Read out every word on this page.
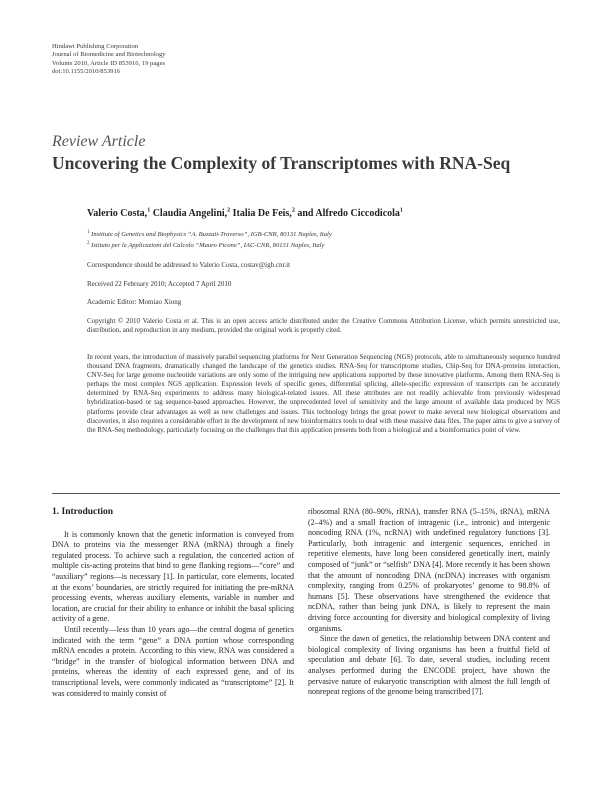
Hindawi Publishing Corporation
Journal of Biomedicine and Biotechnology
Volume 2010, Article ID 853916, 19 pages
doi:10.1155/2010/853916
Review Article
Uncovering the Complexity of Transcriptomes with RNA-Seq
Valerio Costa,$^1$ Claudia Angelini,$^2$ Italia De Feis,$^2$ and Alfredo Ciccodicola$^1$
$^1$ Institute of Genetics and Biophysics “A. Buzzati-Traverso”, IGB-CNR, 80131 Naples, Italy
$^2$ Istituto per le Applicazioni del Calcolo “Mauro Picone”, IAC-CNR, 80131 Naples, Italy
Correspondence should be addressed to Valerio Costa, costav@igb.cnr.it
Received 22 February 2010; Accepted 7 April 2010
Academic Editor: Momiao Xiong
Copyright © 2010 Valerio Costa et al. This is an open access article distributed under the Creative Commons Attribution License, which permits unrestricted use, distribution, and reproduction in any medium, provided the original work is properly cited.
In recent years, the introduction of massively parallel sequencing platforms for Next Generation Sequencing (NGS) protocols, able to simultaneously sequence hundred thousand DNA fragments, dramatically changed the landscape of the genetics studies. RNA-Seq for transcriptome studies, Chip-Seq for DNA-proteins interaction, CNV-Seq for large genome nucleotide variations are only some of the intriguing new applications supported by these innovative platforms. Among them RNA-Seq is perhaps the most complex NGS application. Expression levels of specific genes, differential splicing, allele-specific expression of transcripts can be accurately determined by RNA-Seq experiments to address many biological-related issues. All these attributes are not readily achievable from previously widespread hybridization-based or tag sequence-based approaches. However, the unprecedented level of sensitivity and the large amount of available data produced by NGS platforms provide clear advantages as well as new challenges and issues. This technology brings the great power to make several new biological observations and discoveries, it also requires a considerable effort in the development of new bioinformatics tools to deal with these massive data files. The paper aims to give a survey of the RNA-Seq methodology, particularly focusing on the challenges that this application presents both from a biological and a bioinformatics point of view.
1. Introduction

It is commonly known that the genetic information is conveyed from DNA to proteins via the messenger RNA (mRNA) through a finely regulated process. To achieve such a regulation, the concerted action of multiple cis-acting proteins that bind to gene flanking regions—“core” and “auxiliary” regions—is necessary [1]. In particular, core elements, located at the exons’ boundaries, are strictly required for initiating the pre-mRNA processing events, whereas auxiliary elements, variable in number and location, are crucial for their ability to enhance or inhibit the basal splicing activity of a gene.

Until recently—less than 10 years ago—the central dogma of genetics indicated with the term “gene” a DNA portion whose corresponding mRNA encodes a protein. According to this view, RNA was considered a “bridge” in the transfer of biological information between DNA and proteins, whereas the identity of each expressed gene, and of its transcriptional levels, were commonly indicated as “transcriptome” [2]. It was considered to mainly consist of

ribosomal RNA (80–90%, rRNA), transfer RNA (5–15%, tRNA), mRNA (2–4%) and a small fraction of intragenic (i.e., intronic) and intergenic noncoding RNA (1%, ncRNA) with undefined regulatory functions [3]. Particularly, both intragenic and intergenic sequences, enriched in repetitive elements, have long been considered genetically inert, mainly composed of “junk” or “selfish” DNA [4]. More recently it has been shown that the amount of noncoding DNA (ncDNA) increases with organism complexity, ranging from 0.25% of prokaryotes’ genome to 98.8% of humans [5]. These observations have strengthened the evidence that ncDNA, rather than being junk DNA, is likely to represent the main driving force accounting for diversity and biological complexity of living organisms.

Since the dawn of genetics, the relationship between DNA content and biological complexity of living organisms has been a fruitful field of speculation and debate [6]. To date, several studies, including recent analyses performed during the ENCODE project, have shown the pervasive nature of eukaryotic transcription with almost the full length of nonrepeat regions of the genome being transcribed [7].
